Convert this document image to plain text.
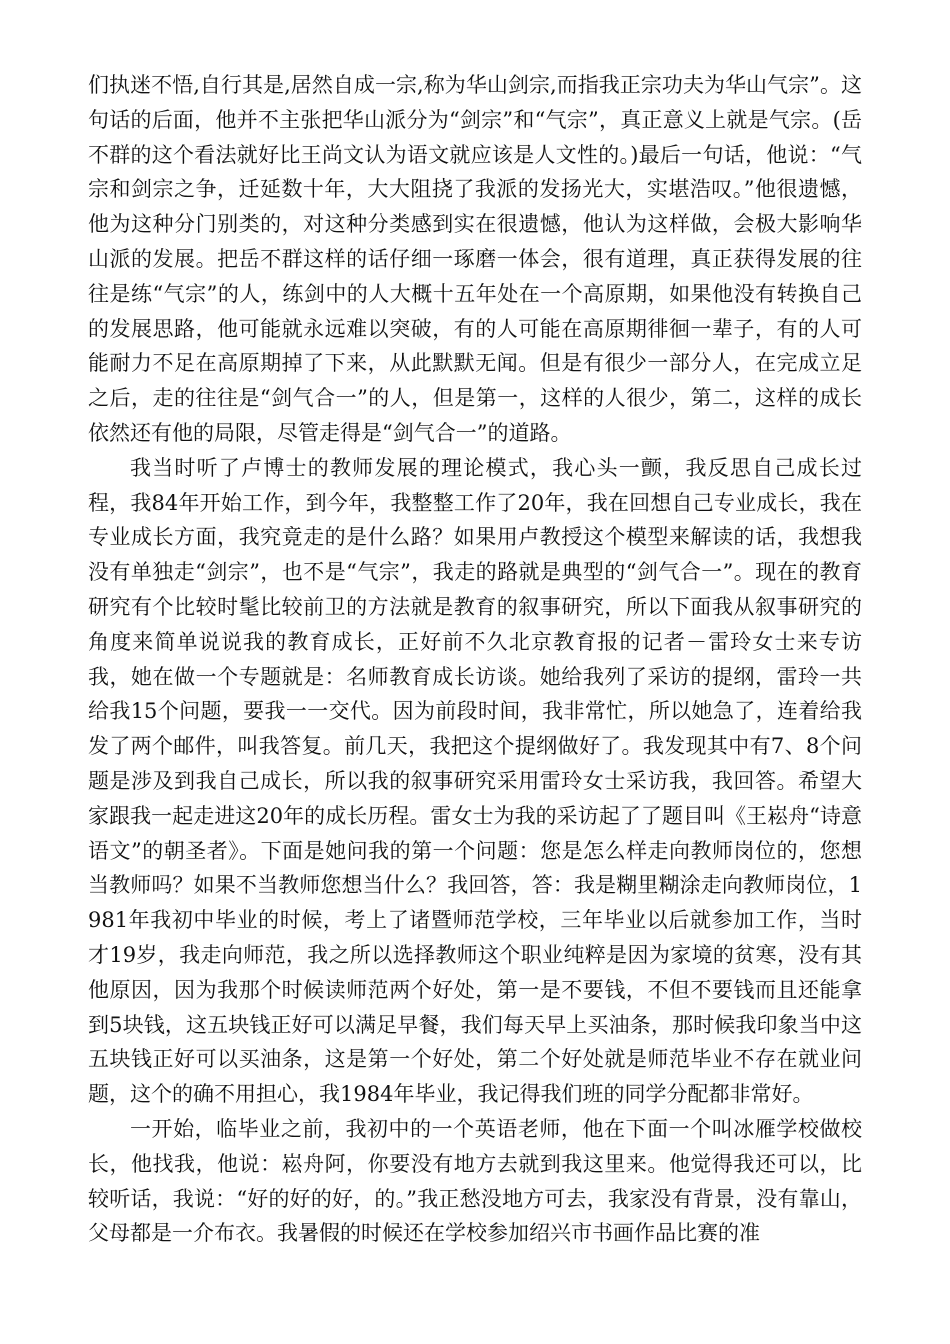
们执迷不悟,自行其是,居然自成一宗,称为华山剑宗,而指我正宗功夫为华山气宗”。这句话的后面，他并不主张把华山派分为“剑宗”和“气宗”，真正意义上就是气宗。(岳不群的这个看法就好比王尚文认为语文就应该是人文性的。)最后一句话，他说：“气宗和剑宗之争，迁延数十年，大大阻挠了我派的发扬光大，实堪浩叹。”他很遗憾，他为这种分门别类的，对这种分类感到实在很遗憾，他认为这样做，会极大影响华山派的发展。把岳不群这样的话仔细一琢磨一体会，很有道理，真正获得发展的往往是练“气宗”的人，练剑中的人大概十五年处在一个高原期，如果他没有转换自己的发展思路，他可能就永远难以突破，有的人可能在高原期徘徊一辈子，有的人可能耐力不足在高原期掉了下来，从此默默无闻。但是有很少一部分人，在完成立足之后，走的往往是“剑气合一”的人，但是第一，这样的人很少，第二，这样的成长依然还有他的局限，尽管走得是“剑气合一”的道路。

我当时听了卢博士的教师发展的理论模式，我心头一颤，我反思自己成长过程，我84年开始工作，到今年，我整整工作了20年，我在回想自己专业成长，我在专业成长方面，我究竟走的是什么路？如果用卢教授这个模型来解读的话，我想我没有单独走“剑宗”，也不是“气宗”，我走的路就是典型的“剑气合一”。现在的教育研究有个比较时髦比较前卫的方法就是教育的叙事研究，所以下面我从叙事研究的角度来简单说说我的教育成长，正好前不久北京教育报的记者－雷玲女士来专访我，她在做一个专题就是：名师教育成长访谈。她给我列了采访的提纲，雷玲一共给我15个问题，要我一一交代。因为前段时间，我非常忙，所以她急了，连着给我发了两个邮件，叫我答复。前几天，我把这个提纲做好了。我发现其中有7、8个问题是涉及到我自己成长，所以我的叙事研究采用雷玲女士采访我，我回答。希望大家跟我一起走进这20年的成长历程。雷女士为我的采访起了了题目叫《王崧舟“诗意语文”的朝圣者》。下面是她问我的第一个问题：您是怎么样走向教师岗位的，您想当教师吗？如果不当教师您想当什么？我回答，答：我是糊里糊涂走向教师岗位，1981年我初中毕业的时候，考上了诸暨师范学校，三年毕业以后就参加工作，当时才19岁，我走向师范，我之所以选择教师这个职业纯粹是因为家境的贫寒，没有其他原因，因为我那个时候读师范两个好处，第一是不要钱，不但不要钱而且还能拿到5块钱，这五块钱正好可以满足早餐，我们每天早上买油条，那时候我印象当中这五块钱正好可以买油条，这是第一个好处，第二个好处就是师范毕业不存在就业问题，这个的确不用担心，我1984年毕业，我记得我们班的同学分配都非常好。

一开始，临毕业之前，我初中的一个英语老师，他在下面一个叫冰雁学校做校长，他找我，他说：崧舟阿，你要没有地方去就到我这里来。他觉得我还可以，比较听话，我说：“好的好的好，的。”我正愁没地方可去，我家没有背景，没有靠山，父母都是一介布衣。我暑假的时候还在学校参加绍兴市书画作品比赛的准
